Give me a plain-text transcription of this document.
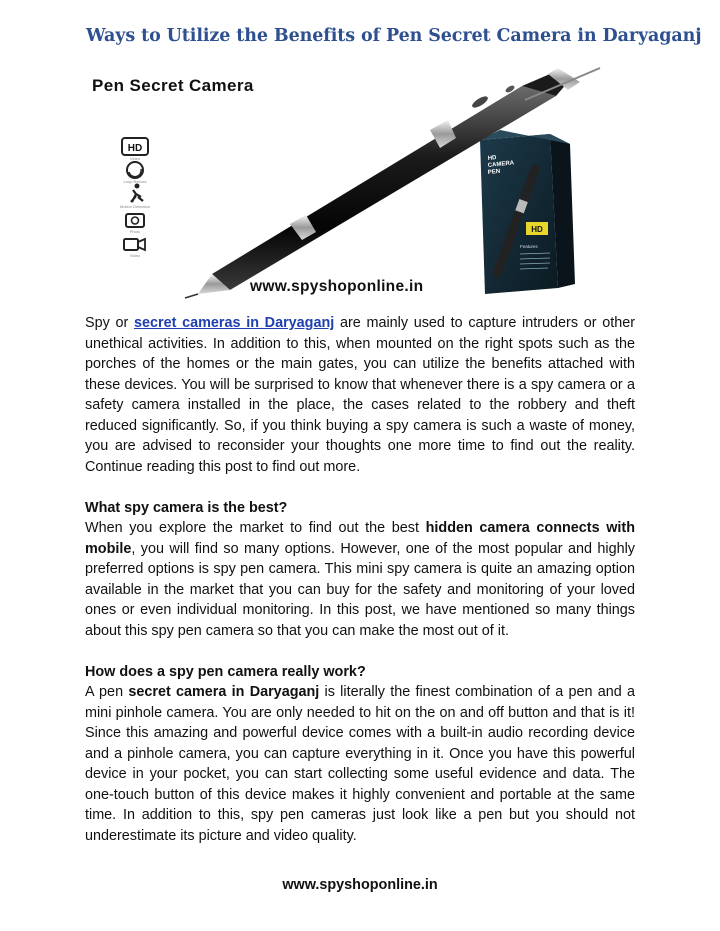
Ways to Utilize the Benefits of Pen Secret Camera in Daryaganj
HD
Video
Loop Record
Motion Detection
Photo
Video
HD
CAMERA
PEN
HD
Features
Pen Secret Camera
www.spyshoponline.in

Spy or secret cameras in Daryaganj are mainly used to capture intruders or other unethical activities. In addition to this, when mounted on the right spots such as the porches of the homes or the main gates, you can utilize the benefits attached with these devices. You will be surprised to know that whenever there is a spy camera or a safety camera installed in the place, the cases related to the robbery and theft reduced significantly. So, if you think buying a spy camera is such a waste of money, you are advised to reconsider your thoughts one more time to find out the reality. Continue reading this post to find out more.

What spy camera is the best?

When you explore the market to find out the best hidden camera connects with mobile, you will find so many options. However, one of the most popular and highly preferred options is spy pen camera. This mini spy camera is quite an amazing option available in the market that you can buy for the safety and monitoring of your loved ones or even individual monitoring. In this post, we have mentioned so many things about this spy pen camera so that you can make the most out of it.

How does a spy pen camera really work?

A pen secret camera in Daryaganj is literally the finest combination of a pen and a mini pinhole camera. You are only needed to hit on the on and off button and that is it! Since this amazing and powerful device comes with a built-in audio recording device and a pinhole camera, you can capture everything in it. Once you have this powerful device in your pocket, you can start collecting some useful evidence and data. The one-touch button of this device makes it highly convenient and portable at the same time. In addition to this, spy pen cameras just look like a pen but you should not underestimate its picture and video quality.

www.spyshoponline.in
